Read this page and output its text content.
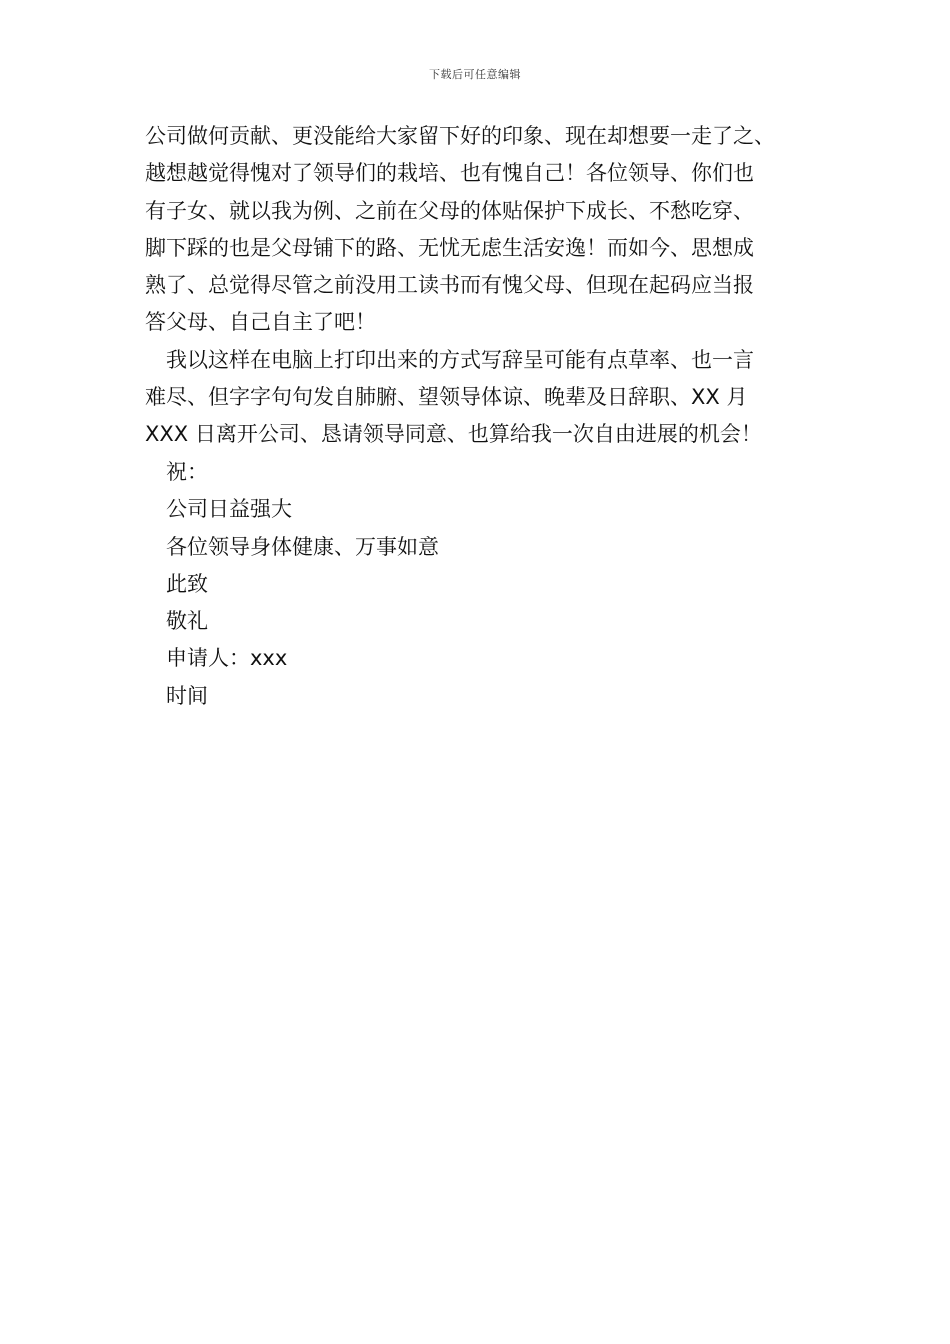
下载后可任意编辑
公司做何贡献、更没能给大家留下好的印象、现在却想要一走了之、
越想越觉得愧对了领导们的栽培、也有愧自己！各位领导、你们也
有子女、就以我为例、之前在父母的体贴保护下成长、不愁吃穿、
脚下踩的也是父母铺下的路、无忧无虑生活安逸！而如今、思想成
熟了、总觉得尽管之前没用工读书而有愧父母、但现在起码应当报
答父母、自己自主了吧！
我以这样在电脑上打印出来的方式写辞呈可能有点草率、也一言
难尽、但字字句句发自肺腑、望领导体谅、晚辈及日辞职、XX 月
XXX 日离开公司、恳请领导同意、也算给我一次自由进展的机会！
祝：
公司日益强大
各位领导身体健康、万事如意
此致
敬礼
申请人：xxx
时间
